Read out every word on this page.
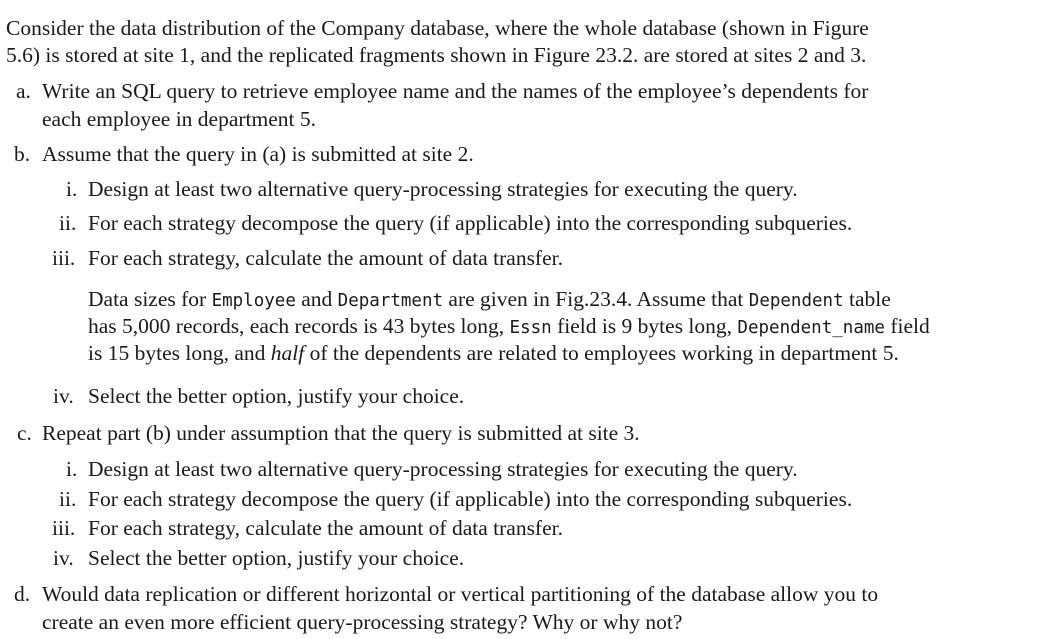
Consider the data distribution of the Company database, where the whole database (shown in Figure

5.6) is stored at site 1, and the replicated fragments shown in Figure 23.2. are stored at sites 2 and 3.

a. Write an SQL query to retrieve employee name and the names of the employee’s dependents for

each employee in department 5.

b. Assume that the query in (a) is submitted at site 2.

i. Design at least two alternative query-processing strategies for executing the query.

ii. For each strategy decompose the query (if applicable) into the corresponding subqueries.

iii. For each strategy, calculate the amount of data transfer.

Data sizes for Employee and Department are given in Fig.23.4. Assume that Dependent table

has 5,000 records, each records is 43 bytes long, Essn field is 9 bytes long, Dependent_name field

is 15 bytes long, and half of the dependents are related to employees working in department 5.

iv. Select the better option, justify your choice.

c. Repeat part (b) under assumption that the query is submitted at site 3.

i. Design at least two alternative query-processing strategies for executing the query.

ii. For each strategy decompose the query (if applicable) into the corresponding subqueries.

iii. For each strategy, calculate the amount of data transfer.

iv. Select the better option, justify your choice.

d. Would data replication or different horizontal or vertical partitioning of the database allow you to

create an even more efficient query-processing strategy? Why or why not?
